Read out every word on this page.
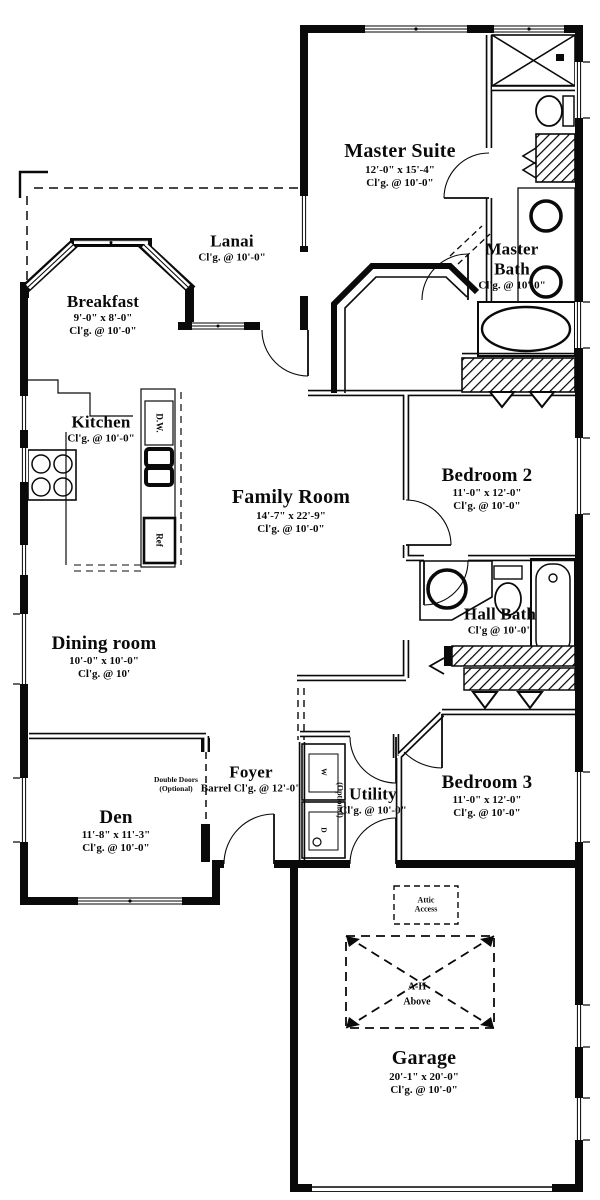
Master Suite
12'-0" x 15'-4"
Cl'g. @ 10'-0"
Lanai
Cl'g. @ 10'-0"	Master Bath
Cl'g. @ 10'-0"
Breakfast
9'-0" x 8'-0"
Cl'g. @ 10'-0"
Kitchen
Cl'g. @ 10'-0"
Family Room
14'-7" x 22'-9"
Cl'g. @ 10'-0"
Bedroom 2
11'-0" x 12'-0"
Cl'g. @ 10'-0"
Dining room
10'-0" x 10'-0"
Cl'g. @ 10'
Hall Bath
Cl'g @ 10'-0"
Den
11'-8" x 11'-3"
Cl'g. @ 10'-0"
Foyer
Barrel Cl'g. @ 12'-0"
Double Doors
(Optional)	Utility
Cl'g. @ 10'-0"
(Optional)	Bedroom 3
11'-0" x 12'-0"
Cl'g. @ 10'-0"
Garage
20'-1" x 20'-0"
Cl'g. @ 10'-0"
Attic
Access
A-H
Above
D.W.
Ref
W
D
